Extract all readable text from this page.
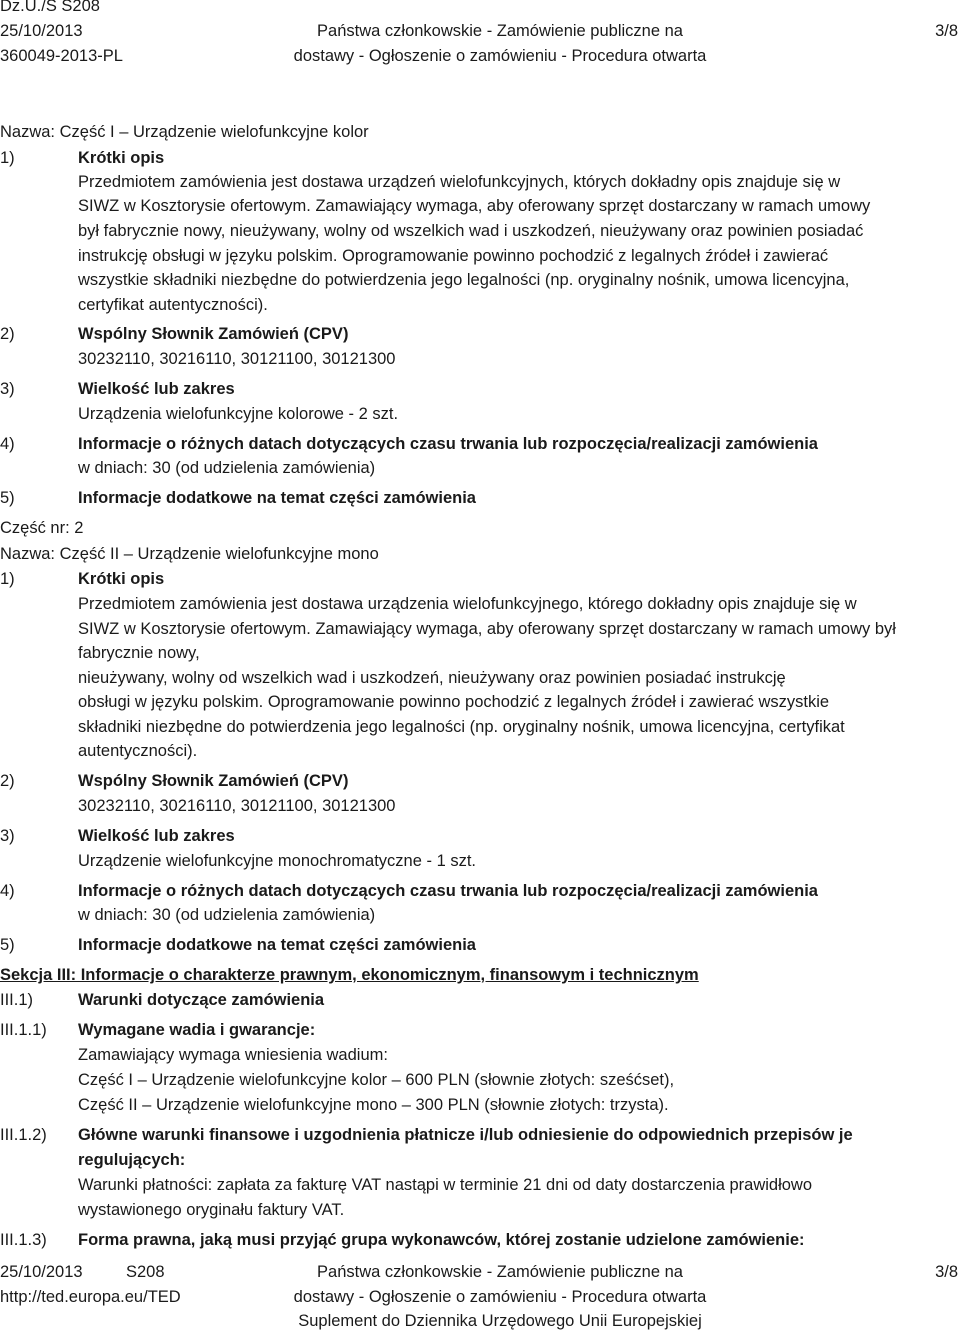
Dz.U./S S208
25/10/2013
360049-2013-PL
Państwa członkowskie - Zamówienie publiczne na
dostawy - Ogłoszenie o zamówieniu - Procedura otwarta
3/8
Nazwa: Część I – Urządzenie wielofunkcyjne kolor
1)	Krótki opis
Przedmiotem zamówienia jest dostawa urządzeń wielofunkcyjnych, których dokładny opis znajduje się w
SIWZ w Kosztorysie ofertowym. Zamawiający wymaga, aby oferowany sprzęt dostarczany w ramach umowy
był fabrycznie nowy, nieużywany, wolny od wszelkich wad i uszkodzeń, nieużywany oraz powinien posiadać
instrukcję obsługi w języku polskim. Oprogramowanie powinno pochodzić z legalnych źródeł i zawierać
wszystkie składniki niezbędne do potwierdzenia jego legalności (np. oryginalny nośnik, umowa licencyjna,
certyfikat autentyczności).
2)	Wspólny Słownik Zamówień (CPV)
30232110, 30216110, 30121100, 30121300
3)	Wielkość lub zakres
Urządzenia wielofunkcyjne kolorowe - 2 szt.
4)	Informacje o różnych datach dotyczących czasu trwania lub rozpoczęcia/realizacji zamówienia
w dniach: 30 (od udzielenia zamówienia)
5)	Informacje dodatkowe na temat części zamówienia
Część nr: 2
Nazwa: Część II – Urządzenie wielofunkcyjne mono
1)	Krótki opis
Przedmiotem zamówienia jest dostawa urządzenia wielofunkcyjnego, którego dokładny opis znajduje się w
SIWZ w Kosztorysie ofertowym. Zamawiający wymaga, aby oferowany sprzęt dostarczany w ramach umowy był
fabrycznie nowy,
nieużywany, wolny od wszelkich wad i uszkodzeń, nieużywany oraz powinien posiadać instrukcję
obsługi w języku polskim. Oprogramowanie powinno pochodzić z legalnych źródeł i zawierać wszystkie
składniki niezbędne do potwierdzenia jego legalności (np. oryginalny nośnik, umowa licencyjna, certyfikat
autentyczności).
2)	Wspólny Słownik Zamówień (CPV)
30232110, 30216110, 30121100, 30121300
3)	Wielkość lub zakres
Urządzenie wielofunkcyjne monochromatyczne - 1 szt.
4)	Informacje o różnych datach dotyczących czasu trwania lub rozpoczęcia/realizacji zamówienia
w dniach: 30 (od udzielenia zamówienia)
5)	Informacje dodatkowe na temat części zamówienia
Sekcja III: Informacje o charakterze prawnym, ekonomicznym, finansowym i technicznym
III.1)	Warunki dotyczące zamówienia
III.1.1) Wymagane wadia i gwarancje:
Zamawiający wymaga wniesienia wadium:
Część I – Urządzenie wielofunkcyjne kolor – 600 PLN (słownie złotych: sześćset),
Część II – Urządzenie wielofunkcyjne mono – 300 PLN (słownie złotych: trzysta).
III.1.2) Główne warunki finansowe i uzgodnienia płatnicze i/lub odniesienie do odpowiednich przepisów je
regulujących:
Warunki płatności: zapłata za fakturę VAT nastąpi w terminie 21 dni od daty dostarczenia prawidłowo
wystawionego oryginału faktury VAT.
III.1.3) Forma prawna, jaką musi przyjąć grupa wykonawców, której zostanie udzielone zamówienie:
25/10/2013	S208
http://ted.europa.eu/TED
Państwa członkowskie - Zamówienie publiczne na
dostawy - Ogłoszenie o zamówieniu - Procedura otwarta
Suplement do Dziennika Urzędowego Unii Europejskiej
3/8
